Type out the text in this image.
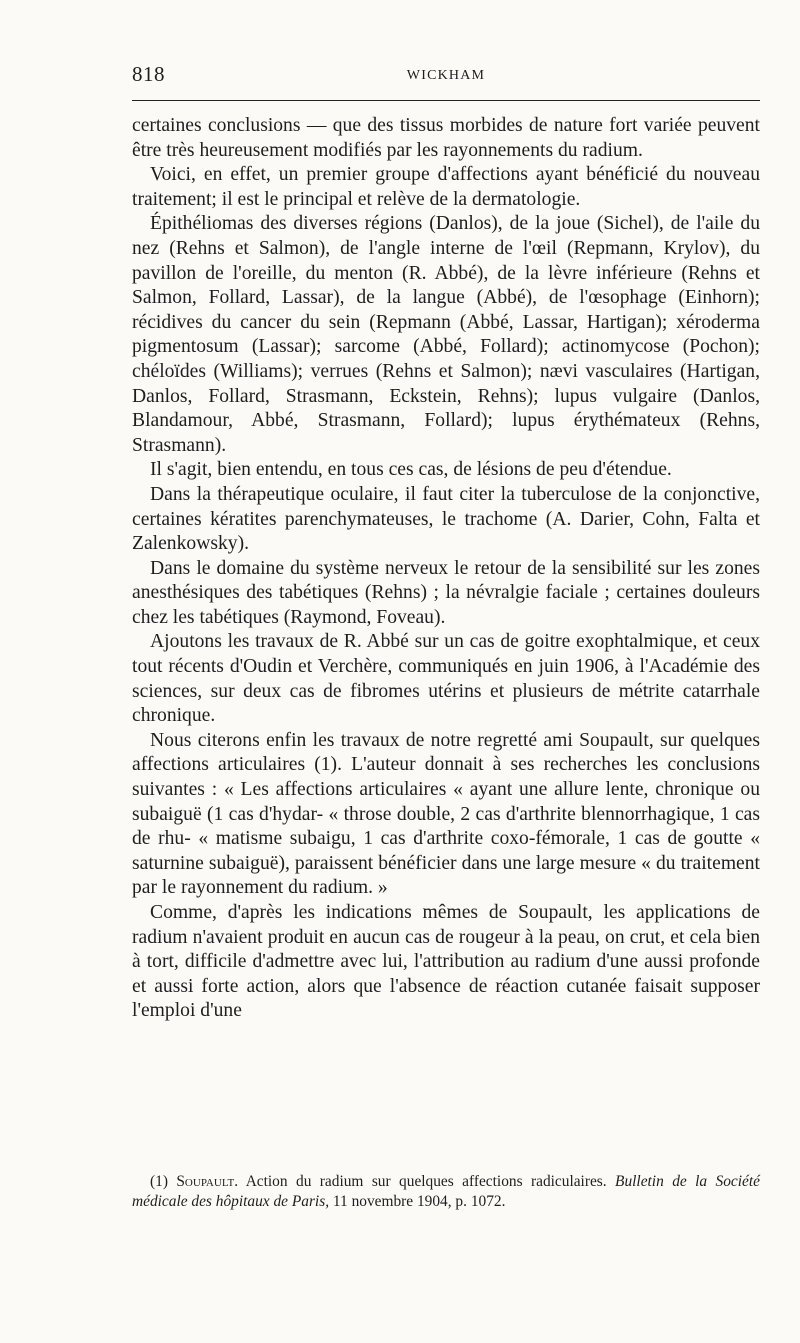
818	WICKHAM

certaines conclusions — que des tissus morbides de nature fort variée peuvent être très heureusement modifiés par les rayonnements du radium.

Voici, en effet, un premier groupe d'affections ayant bénéficié du nouveau traitement; il est le principal et relève de la dermatologie.

Épithéliomas des diverses régions (Danlos), de la joue (Sichel), de l'aile du nez (Rehns et Salmon), de l'angle interne de l'œil (Repmann, Krylov), du pavillon de l'oreille, du menton (R. Abbé), de la lèvre inférieure (Rehns et Salmon, Follard, Lassar), de la langue (Abbé), de l'œsophage (Einhorn); récidives du cancer du sein (Repmann (Abbé, Lassar, Hartigan); xéroderma pigmentosum (Lassar); sarcome (Abbé, Follard); actinomycose (Pochon); chéloïdes (Williams); verrues (Rehns et Salmon); nævi vasculaires (Hartigan, Danlos, Follard, Strasmann, Eckstein, Rehns); lupus vulgaire (Danlos, Blandamour, Abbé, Strasmann, Follard); lupus érythémateux (Rehns, Strasmann).

Il s'agit, bien entendu, en tous ces cas, de lésions de peu d'étendue.

Dans la thérapeutique oculaire, il faut citer la tuberculose de la conjonctive, certaines kératites parenchymateuses, le trachome (A. Darier, Cohn, Falta et Zalenkowsky).

Dans le domaine du système nerveux le retour de la sensibilité sur les zones anesthésiques des tabétiques (Rehns) ; la névralgie faciale ; certaines douleurs chez les tabétiques (Raymond, Foveau).

Ajoutons les travaux de R. Abbé sur un cas de goitre exophtalmique, et ceux tout récents d'Oudin et Verchère, communiqués en juin 1906, à l'Académie des sciences, sur deux cas de fibromes utérins et plusieurs de métrite catarrhale chronique.

Nous citerons enfin les travaux de notre regretté ami Soupault, sur quelques affections articulaires (1). L'auteur donnait à ses recherches les conclusions suivantes : « Les affections articulaires « ayant une allure lente, chronique ou subaiguë (1 cas d'hydar- « throse double, 2 cas d'arthrite blennorrhagique, 1 cas de rhu- « matisme subaigu, 1 cas d'arthrite coxo-fémorale, 1 cas de goutte « saturnine subaiguë), paraissent bénéficier dans une large mesure « du traitement par le rayonnement du radium. »

Comme, d'après les indications mêmes de Soupault, les applications de radium n'avaient produit en aucun cas de rougeur à la peau, on crut, et cela bien à tort, difficile d'admettre avec lui, l'attribution au radium d'une aussi profonde et aussi forte action, alors que l'absence de réaction cutanée faisait supposer l'emploi d'une

(1) Soupault. Action du radium sur quelques affections radiculaires. Bulletin de la Société médicale des hôpitaux de Paris, 11 novembre 1904, p. 1072.
